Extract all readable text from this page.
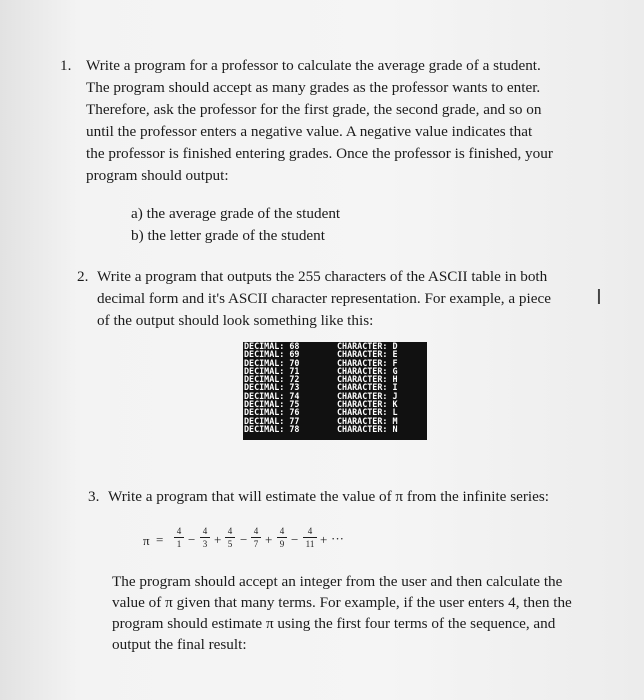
1. Write a program for a professor to calculate the average grade of a student.
The program should accept as many grades as the professor wants to enter.
Therefore, ask the professor for the first grade, the second grade, and so on
until the professor enters a negative value. A negative value indicates that
the professor is finished entering grades. Once the professor is finished, your
program should output:
a) the average grade of the student
b) the letter grade of the student
2. Write a program that outputs the 255 characters of the ASCII table in both
decimal form and it's ASCII character representation. For example, a piece
of the output should look something like this:
DECIMAL: 68	CHARACTER: D
DECIMAL: 69	CHARACTER: E
DECIMAL: 70	CHARACTER: F
DECIMAL: 71	CHARACTER: G
DECIMAL: 72	CHARACTER: H
DECIMAL: 73	CHARACTER: I
DECIMAL: 74	CHARACTER: J
DECIMAL: 75	CHARACTER: K
DECIMAL: 76	CHARACTER: L
DECIMAL: 77	CHARACTER: M
DECIMAL: 78	CHARACTER: N
3. Write a program that will estimate the value of π from the infinite series:
π =
4
1 −
4
3 +
4
5 −
4
7 +
4
9 −
4
11 + ···
The program should accept an integer from the user and then calculate the
value of π given that many terms. For example, if the user enters 4, then the
program should estimate π using the first four terms of the sequence, and
output the final result:
I
